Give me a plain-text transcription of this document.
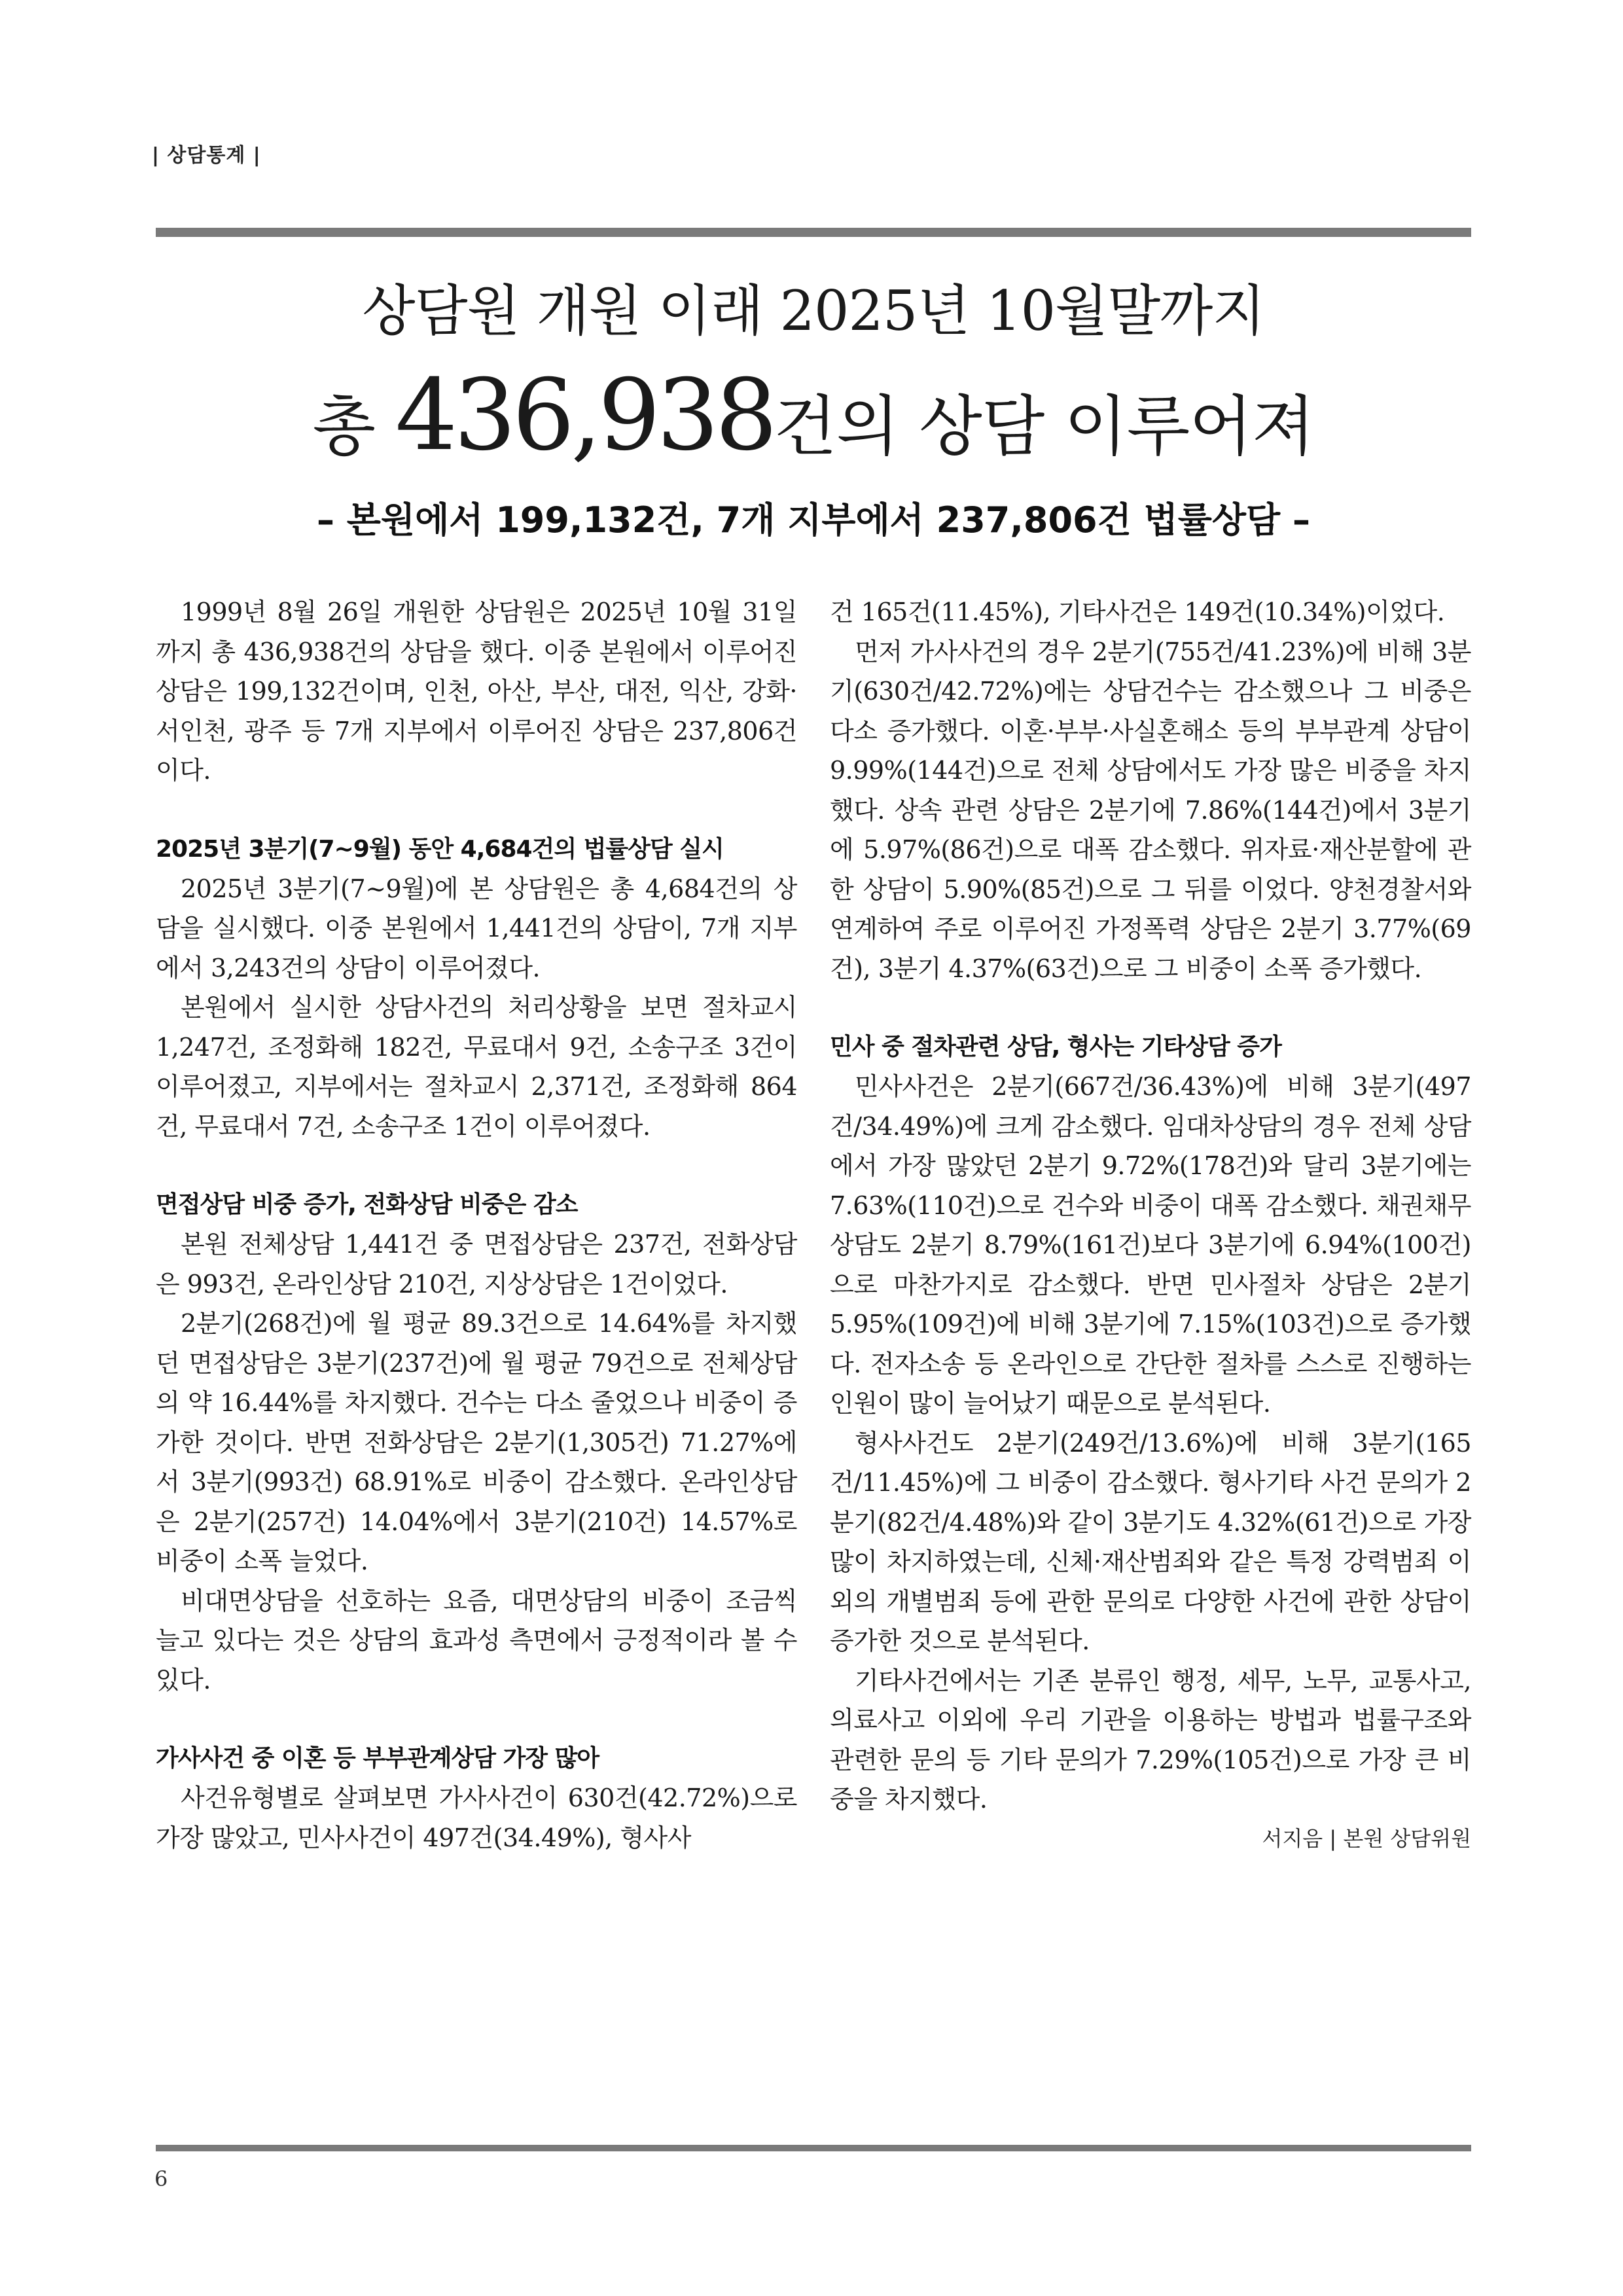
| 상담통계 |
상담원 개원 이래 2025년 10월말까지
총 436,938건의 상담 이루어져
– 본원에서 199,132건, 7개 지부에서 237,806건 법률상담 –

1999년 8월 26일 개원한 상담원은 2025년 10월 31일까지 총 436,938건의 상담을 했다. 이중 본원에서 이루어진 상담은 199,132건이며, 인천, 아산, 부산, 대전, 익산, 강화·서인천, 광주 등 7개 지부에서 이루어진 상담은 237,806건이다.

2025년 3분기(7~9월) 동안 4,684건의 법률상담 실시

2025년 3분기(7~9월)에 본 상담원은 총 4,684건의 상담을 실시했다. 이중 본원에서 1,441건의 상담이, 7개 지부에서 3,243건의 상담이 이루어졌다.

본원에서 실시한 상담사건의 처리상황을 보면 절차교시 1,247건, 조정화해 182건, 무료대서 9건, 소송구조 3건이 이루어졌고, 지부에서는 절차교시 2,371건, 조정화해 864건, 무료대서 7건, 소송구조 1건이 이루어졌다.

면접상담 비중 증가, 전화상담 비중은 감소

본원 전체상담 1,441건 중 면접상담은 237건, 전화상담은 993건, 온라인상담 210건, 지상상담은 1건이었다.

2분기(268건)에 월 평균 89.3건으로 14.64%를 차지했던 면접상담은 3분기(237건)에 월 평균 79건으로 전체상담의 약 16.44%를 차지했다. 건수는 다소 줄었으나 비중이 증가한 것이다. 반면 전화상담은 2분기(1,305건) 71.27%에서 3분기(993건) 68.91%로 비중이 감소했다. 온라인상담은 2분기(257건) 14.04%에서 3분기(210건) 14.57%로 비중이 소폭 늘었다.

비대면상담을 선호하는 요즘, 대면상담의 비중이 조금씩 늘고 있다는 것은 상담의 효과성 측면에서 긍정적이라 볼 수 있다.

가사사건 중 이혼 등 부부관계상담 가장 많아

사건유형별로 살펴보면 가사사건이 630건(42.72%)으로 가장 많았고, 민사사건이 497건(34.49%), 형사사

건 165건(11.45%), 기타사건은 149건(10.34%)이었다.

먼저 가사사건의 경우 2분기(755건/41.23%)에 비해 3분기(630건/42.72%)에는 상담건수는 감소했으나 그 비중은 다소 증가했다. 이혼·부부·사실혼해소 등의 부부관계 상담이 9.99%(144건)으로 전체 상담에서도 가장 많은 비중을 차지했다. 상속 관련 상담은 2분기에 7.86%(144건)에서 3분기에 5.97%(86건)으로 대폭 감소했다. 위자료·재산분할에 관한 상담이 5.90%(85건)으로 그 뒤를 이었다. 양천경찰서와 연계하여 주로 이루어진 가정폭력 상담은 2분기 3.77%(69건), 3분기 4.37%(63건)으로 그 비중이 소폭 증가했다.

민사 중 절차관련 상담, 형사는 기타상담 증가

민사사건은 2분기(667건/36.43%)에 비해 3분기(497건/34.49%)에 크게 감소했다. 임대차상담의 경우 전체 상담에서 가장 많았던 2분기 9.72%(178건)와 달리 3분기에는 7.63%(110건)으로 건수와 비중이 대폭 감소했다. 채권채무 상담도 2분기 8.79%(161건)보다 3분기에 6.94%(100건)으로 마찬가지로 감소했다. 반면 민사절차 상담은 2분기 5.95%(109건)에 비해 3분기에 7.15%(103건)으로 증가했다. 전자소송 등 온라인으로 간단한 절차를 스스로 진행하는 인원이 많이 늘어났기 때문으로 분석된다.

형사사건도 2분기(249건/13.6%)에 비해 3분기(165건/11.45%)에 그 비중이 감소했다. 형사기타 사건 문의가 2분기(82건/4.48%)와 같이 3분기도 4.32%(61건)으로 가장 많이 차지하였는데, 신체·재산범죄와 같은 특정 강력범죄 이외의 개별범죄 등에 관한 문의로 다양한 사건에 관한 상담이 증가한 것으로 분석된다.

기타사건에서는 기존 분류인 행정, 세무, 노무, 교통사고, 의료사고 이외에 우리 기관을 이용하는 방법과 법률구조와 관련한 문의 등 기타 문의가 7.29%(105건)으로 가장 큰 비중을 차지했다.

서지음 | 본원 상담위원
6
